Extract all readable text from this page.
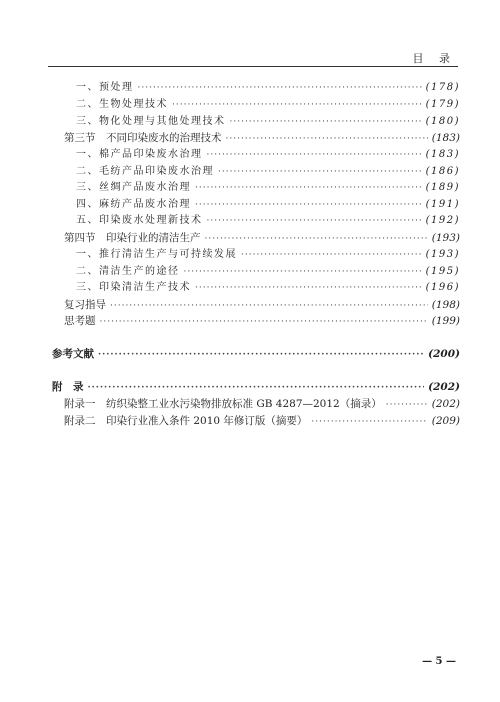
目 录
一、预处理 ·····	(178)
二、生物处理技术 ·····	(179)
三、物化处理与其他处理技术 ·····	(180)
第三节　不同印染废水的治理技术 ·····	(183)
一、棉产品印染废水治理 ·····	(183)
二、毛纺产品印染废水治理 ·····	(186)
三、丝绸产品废水治理 ·····	(189)
四、麻纺产品废水治理 ·····	(191)
五、印染废水处理新技术 ·····	(192)
第四节　印染行业的清洁生产 ·····	(193)
一、推行清洁生产与可持续发展 ·····	(193)
二、清洁生产的途径 ·····	(195)
三、印染清洁生产技术 ·····	(196)
复习指导 ·····	(198)
思考题 ·····	(199)
参考文献 ·····	(200)
附　录 ·····	(202)
附录一　纺织染整工业水污染物排放标准 GB 4287—2012（摘录） ·····	(202)
附录二　印染行业准入条件 2010 年修订版（摘要） ·····	(209)
— 5 —
